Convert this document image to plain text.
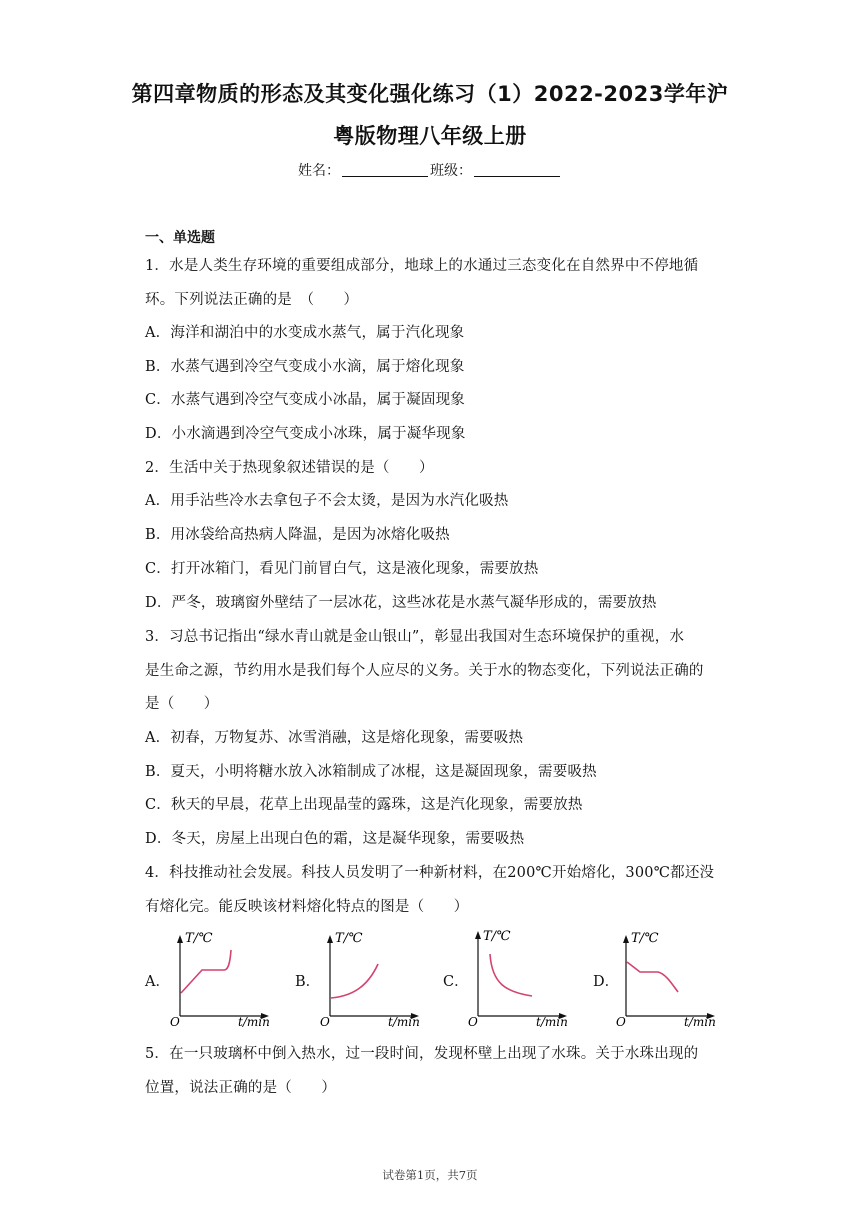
第四章物质的形态及其变化强化练习（1）2022-2023学年沪
粤版物理八年级上册
姓名：	班级：
一、单选题
1．水是人类生存环境的重要组成部分，地球上的水通过三态变化在自然界中不停地循
环。下列说法正确的是　（　　）
A．海洋和湖泊中的水变成水蒸气，属于汽化现象
B．水蒸气遇到冷空气变成小水滴，属于熔化现象
C．水蒸气遇到冷空气变成小冰晶，属于凝固现象
D．小水滴遇到冷空气变成小冰珠，属于凝华现象
2．生活中关于热现象叙述错误的是（　　）
A．用手沾些冷水去拿包子不会太烫，是因为水汽化吸热
B．用冰袋给高热病人降温，是因为冰熔化吸热
C．打开冰箱门，看见门前冒白气，这是液化现象，需要放热
D．严冬，玻璃窗外壁结了一层冰花，这些冰花是水蒸气凝华形成的，需要放热
3．习总书记指出“绿水青山就是金山银山”，彰显出我国对生态环境保护的重视，水
是生命之源，节约用水是我们每个人应尽的义务。关于水的物态变化，下列说法正确的
是（　　）
A．初春，万物复苏、冰雪消融，这是熔化现象，需要吸热
B．夏天，小明将糖水放入冰箱制成了冰棍，这是凝固现象，需要吸热
C．秋天的早晨，花草上出现晶莹的露珠，这是汽化现象，需要放热
D．冬天，房屋上出现白色的霜，这是凝华现象，需要吸热
4．科技推动社会发展。科技人员发明了一种新材料，在200℃开始熔化，300℃都还没
有熔化完。能反映该材料熔化特点的图是（　　）
A．	B．	C．	D．
T/℃
t/min
O
T/℃
t/min
O
T/℃
t/min
O
T/℃
t/min
O
5．在一只玻璃杯中倒入热水，过一段时间，发现杯壁上出现了水珠。关于水珠出现的
位置，说法正确的是（　　）
试卷第1页，共7页
